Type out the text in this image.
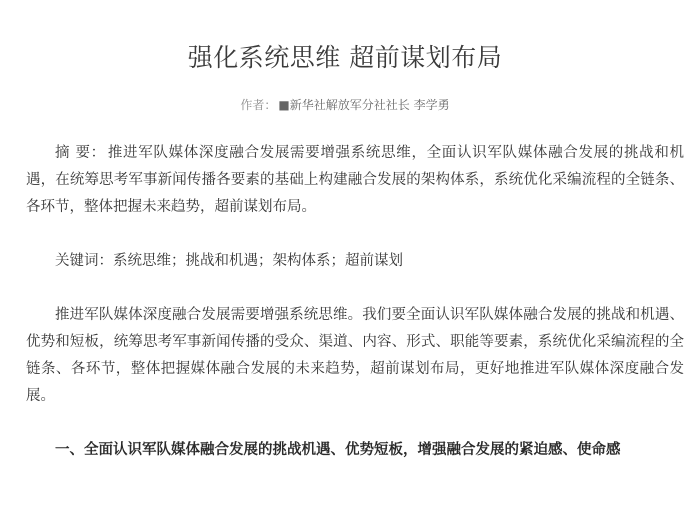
强化系统思维 超前谋划布局
作者： ■新华社解放军分社社长 李学勇

摘 要： 推进军队媒体深度融合发展需要增强系统思维，全面认识军队媒体融合发展的挑战和机遇，在统筹思考军事新闻传播各要素的基础上构建融合发展的架构体系，系统优化采编流程的全链条、各环节，整体把握未来趋势，超前谋划布局。

关键词：系统思维；挑战和机遇；架构体系；超前谋划

推进军队媒体深度融合发展需要增强系统思维。我们要全面认识军队媒体融合发展的挑战和机遇、优势和短板，统筹思考军事新闻传播的受众、渠道、内容、形式、职能等要素，系统优化采编流程的全链条、各环节，整体把握媒体融合发展的未来趋势，超前谋划布局，更好地推进军队媒体深度融合发展。

一、全面认识军队媒体融合发展的挑战机遇、优势短板，增强融合发展的紧迫感、使命感
